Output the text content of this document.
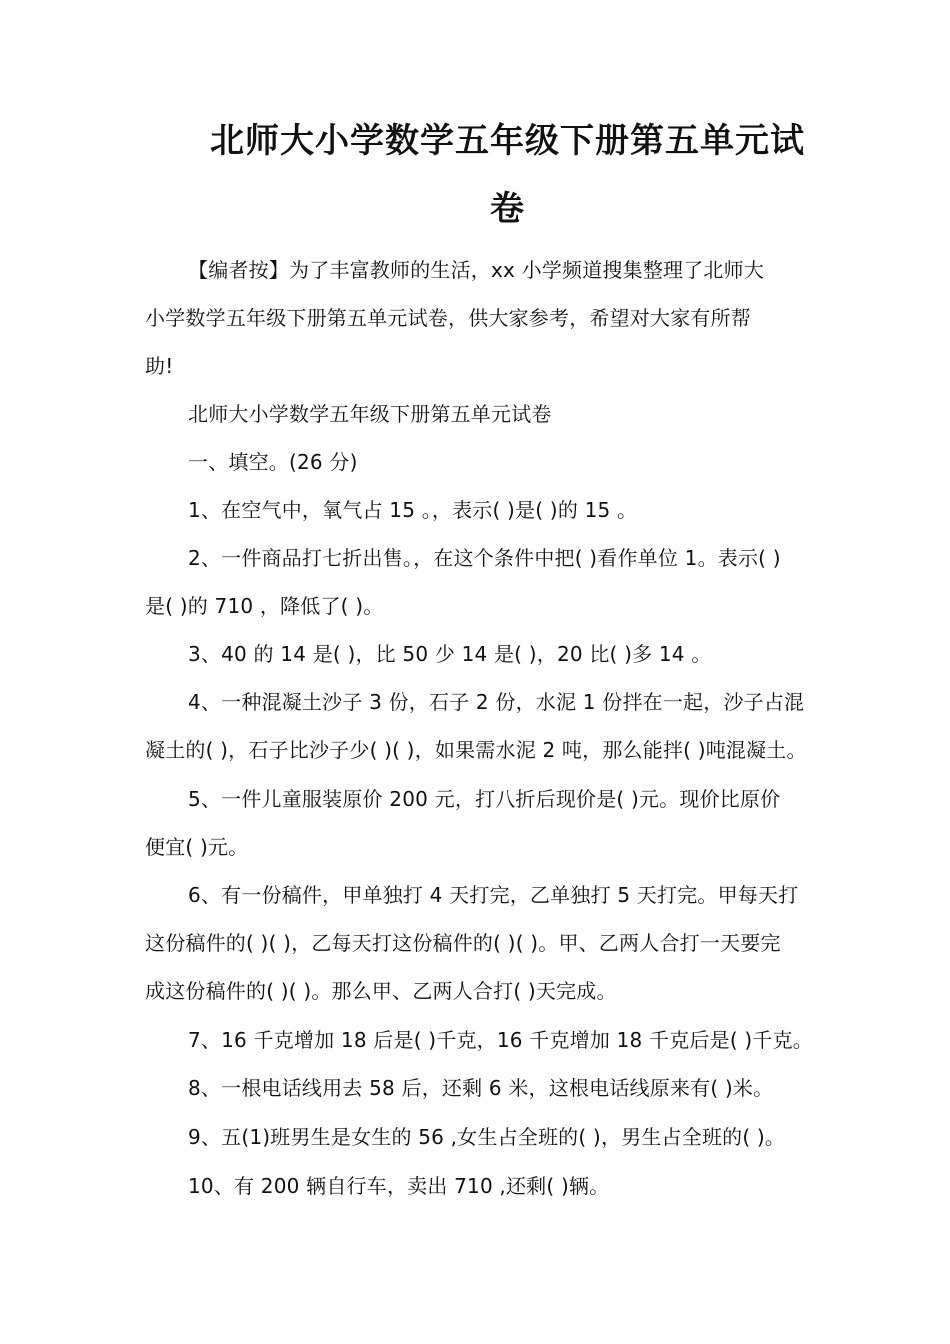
北师大小学数学五年级下册第五单元试
卷
【编者按】为了丰富教师的生活，xx 小学频道搜集整理了北师大
小学数学五年级下册第五单元试卷，供大家参考，希望对大家有所帮
助!
北师大小学数学五年级下册第五单元试卷
一、填空。(26 分)
1、在空气中，氧气占 15 。，表示( )是( )的 15 。
2、一件商品打七折出售。，在这个条件中把( )看作单位 1。表示( )
是( )的 710 ，降低了( )。
3、40 的 14 是( )，比 50 少 14 是( )，20 比( )多 14 。
4、一种混凝土沙子 3 份，石子 2 份，水泥 1 份拌在一起，沙子占混
凝土的( )，石子比沙子少( )( )，如果需水泥 2 吨，那么能拌( )吨混凝土。
5、一件儿童服装原价 200 元，打八折后现价是( )元。现价比原价
便宜( )元。
6、有一份稿件，甲单独打 4 天打完，乙单独打 5 天打完。甲每天打
这份稿件的( )( )，乙每天打这份稿件的( )( )。甲、乙两人合打一天要完
成这份稿件的( )( )。那么甲、乙两人合打( )天完成。
7、16 千克增加 18 后是( )千克，16 千克增加 18 千克后是( )千克。
8、一根电话线用去 58 后，还剩 6 米，这根电话线原来有( )米。
9、五(1)班男生是女生的 56 ,女生占全班的( )，男生占全班的( )。
10、有 200 辆自行车，卖出 710 ,还剩( )辆。
